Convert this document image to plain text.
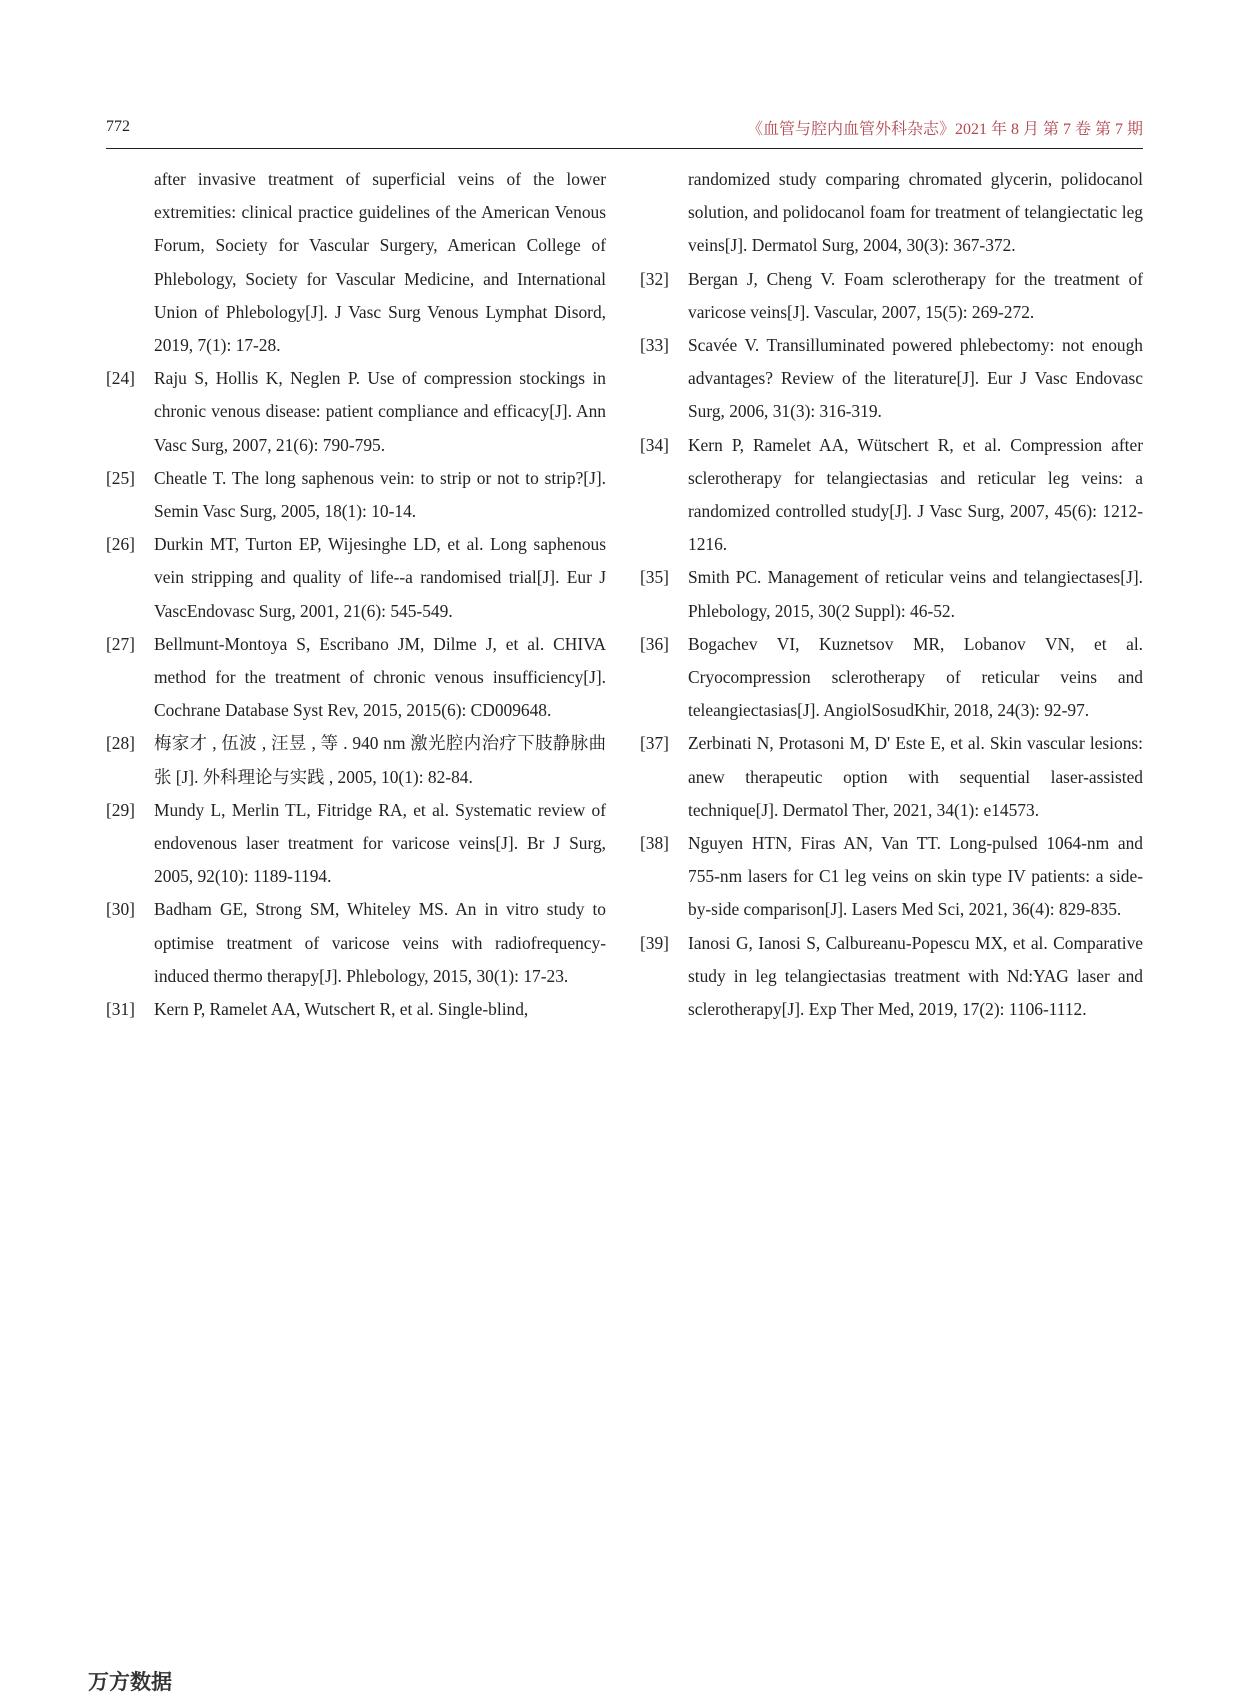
772	《血管与腔内血管外科杂志》2021 年 8 月 第 7 卷 第 7 期
after invasive treatment of superficial veins of the lower extremities: clinical practice guidelines of the American Venous Forum, Society for Vascular Surgery, American College of Phlebology, Society for Vascular Medicine, and International Union of Phlebology[J]. J Vasc Surg Venous Lymphat Disord, 2019, 7(1): 17-28.
[24]	Raju S, Hollis K, Neglen P. Use of compression stockings in chronic venous disease: patient compliance and efficacy[J]. Ann Vasc Surg, 2007, 21(6): 790-795.
[25]	Cheatle T. The long saphenous vein: to strip or not to strip?[J]. Semin Vasc Surg, 2005, 18(1): 10-14.
[26]	Durkin MT, Turton EP, Wijesinghe LD, et al. Long saphenous vein stripping and quality of life--a randomised trial[J]. Eur J VascEndovasc Surg, 2001, 21(6): 545-549.
[27]	Bellmunt-Montoya S, Escribano JM, Dilme J, et al. CHIVA method for the treatment of chronic venous insufficiency[J]. Cochrane Database Syst Rev, 2015, 2015(6): CD009648.
[28]	梅家才 , 伍波 , 汪昱 , 等 . 940 nm 激光腔内治疗下肢静脉曲张 [J]. 外科理论与实践 , 2005, 10(1): 82-84.
[29]	Mundy L, Merlin TL, Fitridge RA, et al. Systematic review of endovenous laser treatment for varicose veins[J]. Br J Surg, 2005, 92(10): 1189-1194.
[30]	Badham GE, Strong SM, Whiteley MS. An in vitro study to optimise treatment of varicose veins with radiofrequency-induced thermo therapy[J]. Phlebology, 2015, 30(1): 17-23.
[31]	Kern P, Ramelet AA, Wutschert R, et al. Single-blind,
randomized study comparing chromated glycerin, polidocanol solution, and polidocanol foam for treatment of telangiectatic leg veins[J]. Dermatol Surg, 2004, 30(3): 367-372.
[32]	Bergan J, Cheng V. Foam sclerotherapy for the treatment of varicose veins[J]. Vascular, 2007, 15(5): 269-272.
[33]	Scavée V. Transilluminated powered phlebectomy: not enough advantages? Review of the literature[J]. Eur J Vasc Endovasc Surg, 2006, 31(3): 316-319.
[34]	Kern P, Ramelet AA, Wütschert R, et al. Compression after sclerotherapy for telangiectasias and reticular leg veins: a randomized controlled study[J]. J Vasc Surg, 2007, 45(6): 1212-1216.
[35]	Smith PC. Management of reticular veins and telangiectases[J]. Phlebology, 2015, 30(2 Suppl): 46-52.
[36]	Bogachev VI, Kuznetsov MR, Lobanov VN, et al. Cryocompression sclerotherapy of reticular veins and teleangiectasias[J]. AngiolSosudKhir, 2018, 24(3): 92-97.
[37]	Zerbinati N, Protasoni M, D' Este E, et al. Skin vascular lesions: anew therapeutic option with sequential laser-assisted technique[J]. Dermatol Ther, 2021, 34(1): e14573.
[38]	Nguyen HTN, Firas AN, Van TT. Long-pulsed 1064-nm and 755-nm lasers for C1 leg veins on skin type IV patients: a side-by-side comparison[J]. Lasers Med Sci, 2021, 36(4): 829-835.
[39]	Ianosi G, Ianosi S, Calbureanu-Popescu MX, et al. Comparative study in leg telangiectasias treatment with Nd:YAG laser and sclerotherapy[J]. Exp Ther Med, 2019, 17(2): 1106-1112.
万方数据
